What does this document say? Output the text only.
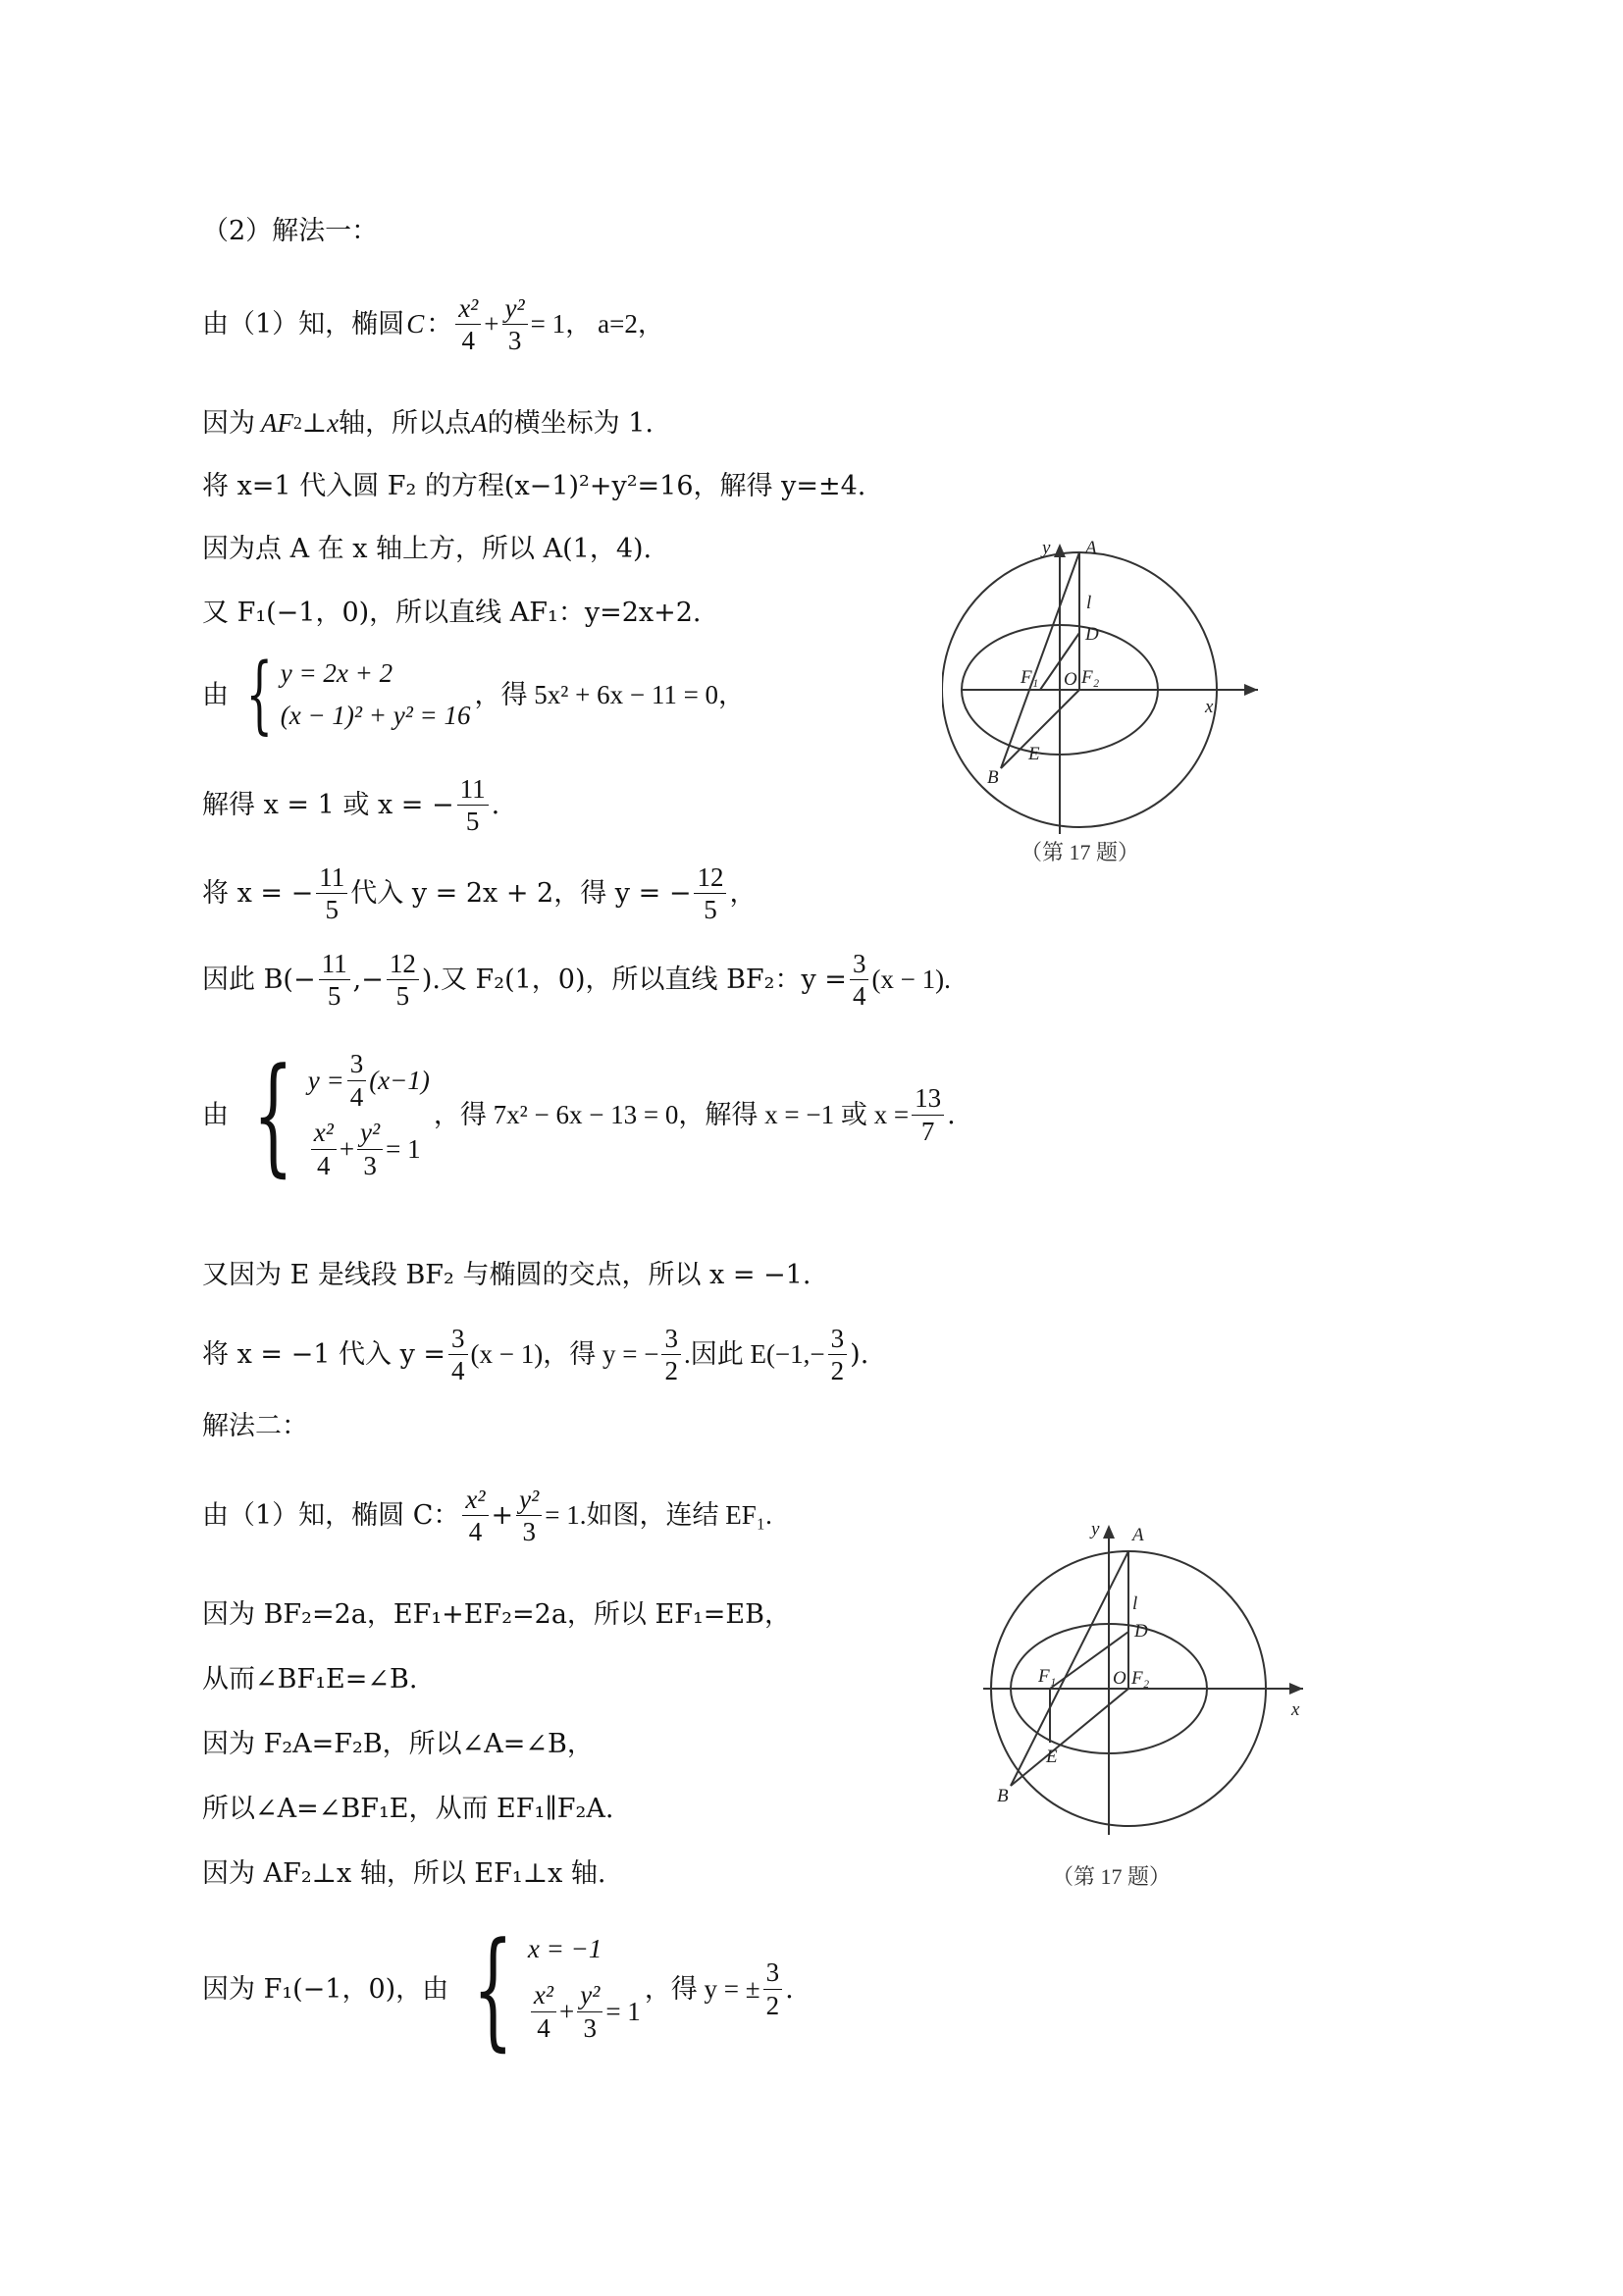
（2）解法一：
由（1）知，椭圆 C ： $\frac{\text{x²}}{4} + \frac{\text{y²}}{3} = 1$， a=2，
因为 AF 2 ⊥ x 轴，所以点 A 的横坐标为 1.
将 x=1 代入圆 F₂ 的方程(x−1)²+y²=16，解得 y=±4.
因为点 A 在 x 轴上方，所以 A(1，4).
又 F₁(−1，0)，所以直线 AF₁：y=2x+2.
由 { y = 2x + 2
(x − 1)² + y² = 16
，得 5x² + 6x − 11 = 0，
解得 x = 1 或 x = − $\frac{11}{5}$ .
将 x = − $\frac{11}{5}$ 代入 y = 2x + 2，得 y = − $\frac{12}{5}$ ，
因此 $B(- \frac{11}{5}$ ,− $\frac{12}{5}$ ).又 F₂(1，0)，所以直线 BF₂：$y = \frac{3}{4} (x - 1)$.
由 { $y = \frac{3}{4} (x-1)$
$\frac{\text{x²}}{4} + \frac{\text{y²}}{3} = 1$
，得 7x² − 6x − 13 = 0，解得 x = −1 或 $x = \frac{13}{7}$ .
又因为 E 是线段 BF₂ 与椭圆的交点，所以 x = −1.
将 x = −1 代入 $y = \frac{3}{4} (x - 1)$，得 y = − $\frac{3}{2}$ .因此 $E(-1,- \frac{3}{2}$ ).
解法二：
由（1）知，椭圆 C： $\frac{\text{x²}}{4} + \frac{\text{y²}}{3} = 1$.如图，连结 EF₁.
因为 BF₂=2a，EF₁+EF₂=2a，所以 EF₁=EB，
从而∠BF₁E=∠B.
因为 F₂A=F₂B，所以∠A=∠B，
所以∠A=∠BF₁E，从而 EF₁∥F₂A.
因为 AF₂⊥x 轴，所以 EF₁⊥x 轴.
因为 F₁(−1，0)，由 { x = −1
$\frac{\text{x²}}{4} + \frac{\text{y²}}{3} = 1$
，得 y = ± $\frac{3}{2}$ .
y A
l
D
F₁ O F₂
x
E
B
（第 17 题）
y A
l
D
F₁	O F₂
x
E
B
（第 17 题）
